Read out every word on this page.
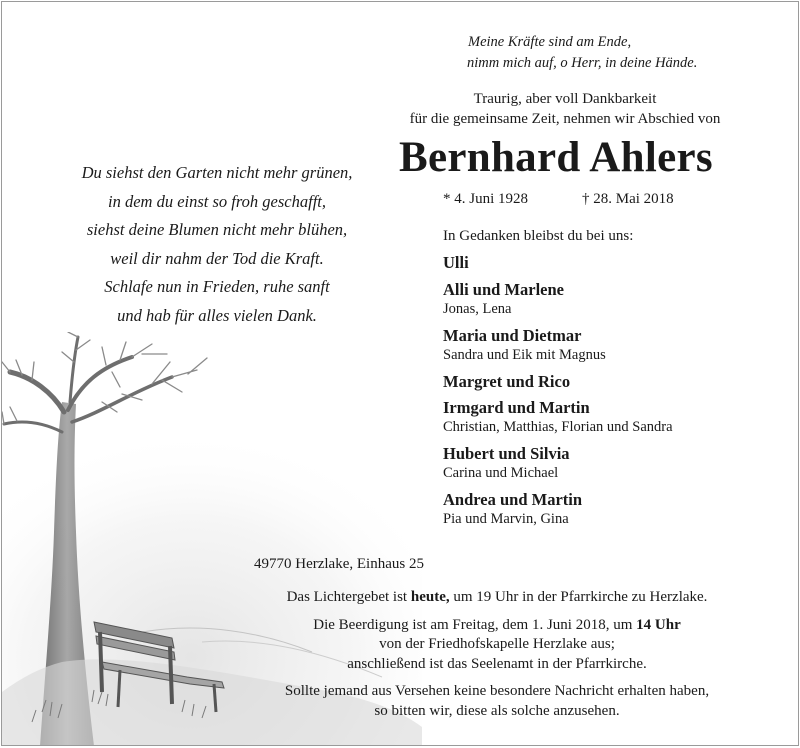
Meine Kräfte sind am Ende,
nimm mich auf, o Herr, in deine Hände.
Traurig, aber voll Dankbarkeit
für die gemeinsame Zeit, nehmen wir Abschied von
Bernhard Ahlers
* 4. Juni 1928	† 28. Mai 2018
Du siehst den Garten nicht mehr grünen,
in dem du einst so froh geschafft,
siehst deine Blumen nicht mehr blühen,
weil dir nahm der Tod die Kraft.
Schlafe nun in Frieden, ruhe sanft
und hab für alles vielen Dank.
In Gedanken bleibst du bei uns:
Ulli
Alli und Marlene
Jonas, Lena
Maria und Dietmar
Sandra und Eik mit Magnus
Margret und Rico
Irmgard und Martin
Christian, Matthias, Florian und Sandra
Hubert und Silvia
Carina und Michael
Andrea und Martin
Pia und Marvin, Gina
49770 Herzlake, Einhaus 25

Das Lichtergebet ist heute, um 19 Uhr in der Pfarrkirche zu Herzlake.

Die Beerdigung ist am Freitag, dem 1. Juni 2018, um 14 Uhr

von der Friedhofskapelle Herzlake aus;

anschließend ist das Seelenamt in der Pfarrkirche.

Sollte jemand aus Versehen keine besondere Nachricht erhalten haben,

so bitten wir, diese als solche anzusehen.
